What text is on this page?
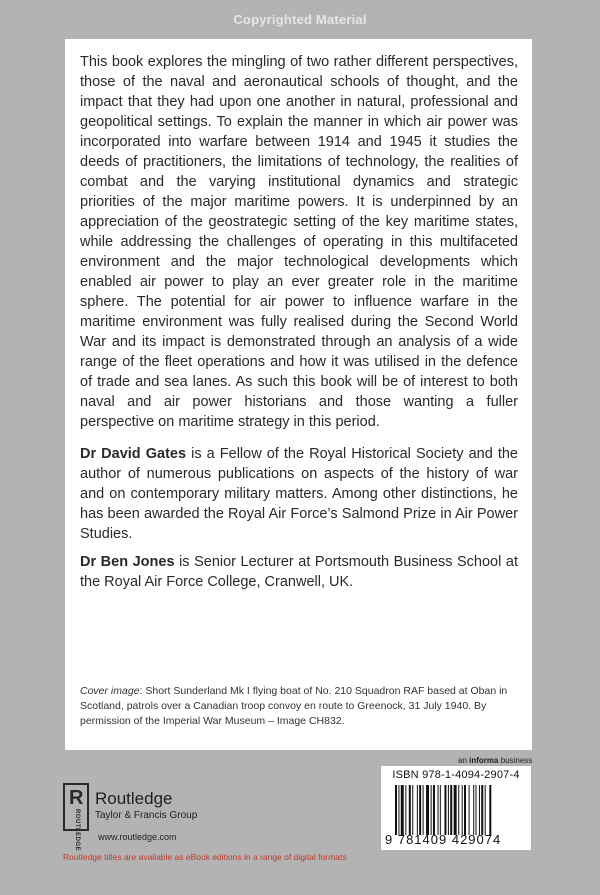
Copyrighted Material

This book explores the mingling of two rather different perspectives, those of the naval and aeronautical schools of thought, and the impact that they had upon one another in natural, professional and geopolitical settings. To explain the manner in which air power was incorporated into warfare between 1914 and 1945 it studies the deeds of practitioners, the limitations of technology, the realities of combat and the varying institutional dynamics and strategic priorities of the major maritime powers. It is underpinned by an appreciation of the geostrategic setting of the key maritime states, while addressing the challenges of operating in this multifaceted environment and the major technological developments which enabled air power to play an ever greater role in the maritime sphere. The potential for air power to influence warfare in the maritime environment was fully realised during the Second World War and its impact is demonstrated through an analysis of a wide range of the fleet operations and how it was utilised in the defence of trade and sea lanes. As such this book will be of interest to both naval and air power historians and those wanting a fuller perspective on maritime strategy in this period.

Dr David Gates is a Fellow of the Royal Historical Society and the author of numerous publications on aspects of the history of war and on contemporary military matters. Among other distinctions, he has been awarded the Royal Air Force’s Salmond Prize in Air Power Studies.

Dr Ben Jones is Senior Lecturer at Portsmouth Business School at the Royal Air Force College, Cranwell, UK.

Cover image: Short Sunderland Mk I flying boat of No. 210 Squadron RAF based at Oban in Scotland, patrols over a Canadian troop convoy en route to Greenock, 31 July 1940. By permission of the Imperial War Museum – Image CH832.
R
ROUTLEDGE
Routledge
Taylor & Francis Group
www.routledge.com
Routledge titles are available as eBook editions in a range of digital formats
an informa business
ISBN 978-1-4094-2907-4
9 781409 429074
